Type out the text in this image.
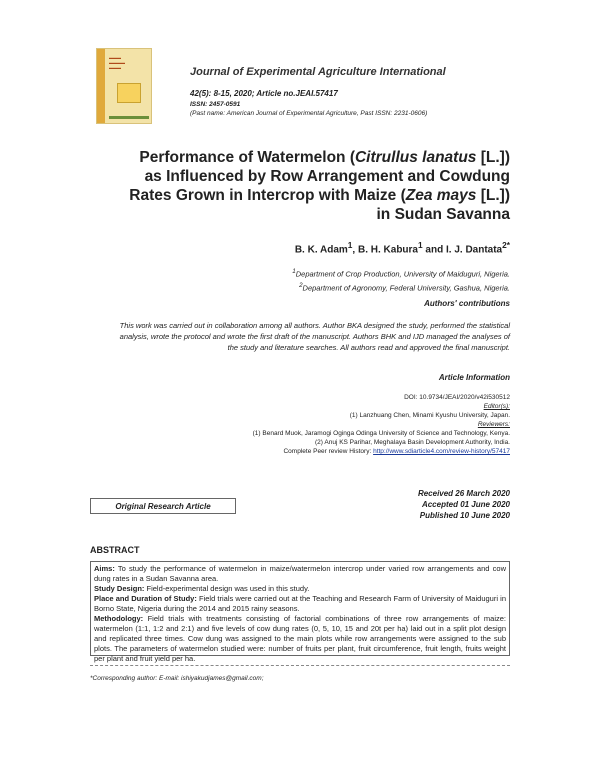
▬▬▬
▬▬▬▬
▬▬▬	Journal of Experimental Agriculture International
42(5): 8-15, 2020; Article no.JEAI.57417
ISSN: 2457-0591
(Past name: American Journal of Experimental Agriculture, Past ISSN: 2231-0606)
Performance of Watermelon (Citrullus lanatus [L.])
as Influenced by Row Arrangement and Cowdung
Rates Grown in Intercrop with Maize (Zea mays [L.])
in Sudan Savanna
B. K. Adam$^1$, B. H. Kabura$^1$ and I. J. Dantata$^{2*}$
$^1$Department of Crop Production, University of Maiduguri, Nigeria.
$^2$Department of Agronomy, Federal University, Gashua, Nigeria.
Authors' contributions
This work was carried out in collaboration among all authors. Author BKA designed the study, performed the statistical analysis, wrote the protocol and wrote the first draft of the manuscript. Authors BHK and IJD managed the analyses of the study and literature searches. All authors read and approved the final manuscript.
Article Information
DOI: 10.9734/JEAI/2020/v42i530512
Editor(s):
(1) Lanzhuang Chen, Minami Kyushu University, Japan.
Reviewers:
(1) Benard Muok, Jaramogi Oginga Odinga University of Science and Technology, Kenya.
(2) Anuj KS Parihar, Meghalaya Basin Development Authority, India.
Complete Peer review History: http://www.sdiarticle4.com/review-history/57417
Original Research Article
Received 26 March 2020
Accepted 01 June 2020
Published 10 June 2020
ABSTRACT

Aims: To study the performance of watermelon in maize/watermelon intercrop under varied row arrangements and cow dung rates in a Sudan Savanna area.

Study Design: Field-experimental design was used in this study.

Place and Duration of Study: Field trials were carried out at the Teaching and Research Farm of University of Maiduguri in Borno State, Nigeria during the 2014 and 2015 rainy seasons.

Methodology: Field trials with treatments consisting of factorial combinations of three row arrangements of maize: watermelon (1:1, 1:2 and 2:1) and five levels of cow dung rates (0, 5, 10, 15 and 20t per ha) laid out in a split plot design and replicated three times. Cow dung was assigned to the main plots while row arrangements were assigned to the sub plots. The parameters of watermelon studied were: number of fruits per plant, fruit circumference, fruit length, fruits weight per plant and fruit yield per ha.

*Corresponding author: E-mail: ishiyakudjames@gmail.com;
